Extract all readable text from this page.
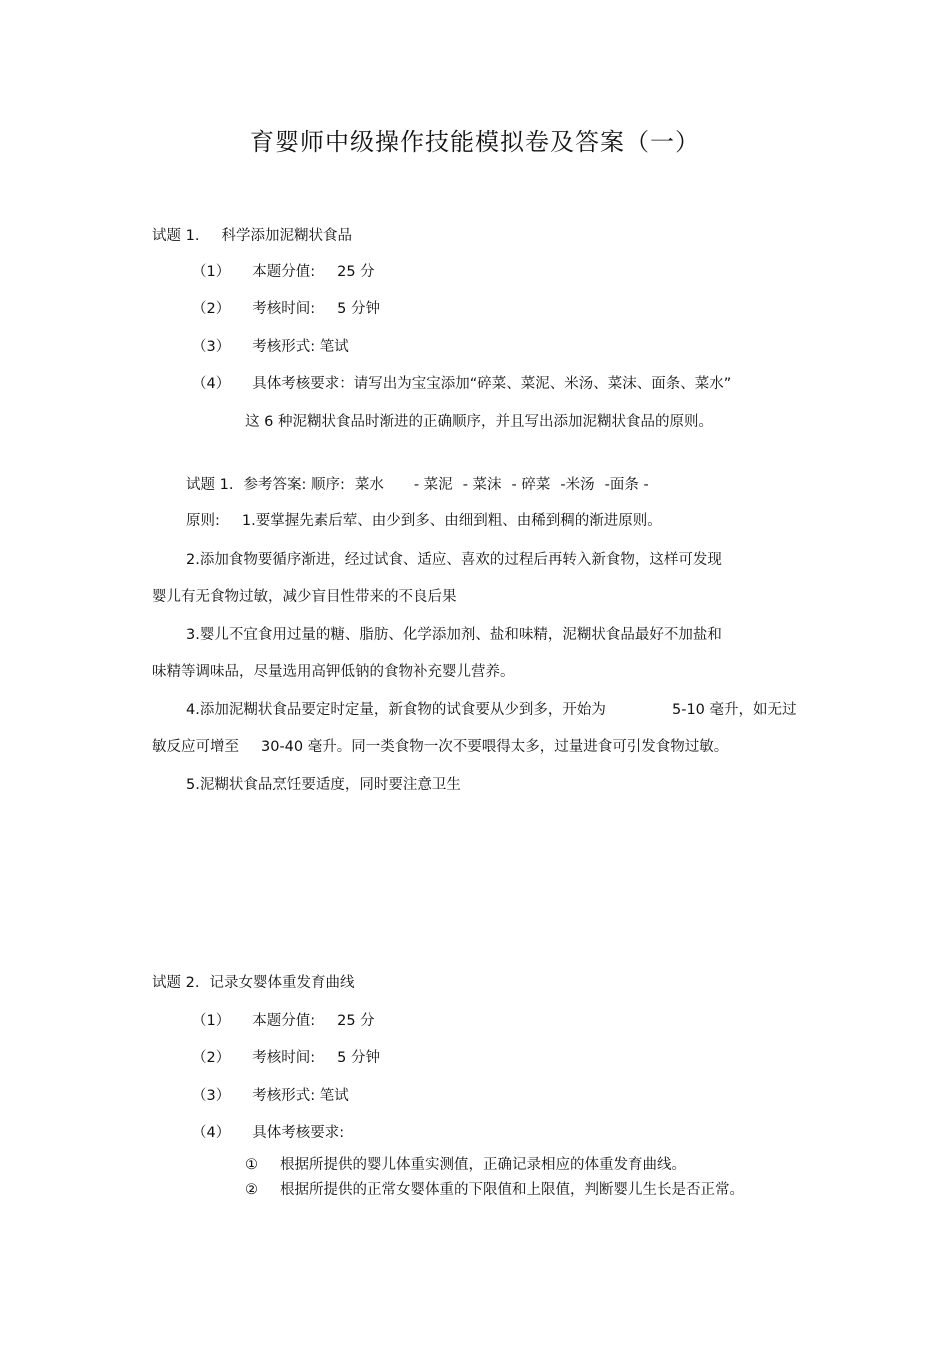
育婴师中级操作技能模拟卷及答案（一）
试题 1. 科学添加泥糊状食品
（1） 本题分值: 25 分
（2） 考核时间: 5 分钟
（3） 考核形式: 笔试
（4） 具体考核要求：请写出为宝宝添加“碎菜、菜泥、米汤、菜沫、面条、菜水”
这 6 种泥糊状食品时渐进的正确顺序，并且写出添加泥糊状食品的原则。
试题 1. 参考答案: 顺序: 菜水 - 菜泥 - 菜沫 - 碎菜 -米汤 -面条 -
原则: 1.要掌握先素后荤、由少到多、由细到粗、由稀到稠的渐进原则。
2.添加食物要循序渐进，经过试食、适应、喜欢的过程后再转入新食物，这样可发现
婴儿有无食物过敏，减少盲目性带来的不良后果
3.婴儿不宜食用过量的糖、脂肪、化学添加剂、盐和味精，泥糊状食品最好不加盐和
味精等调味品，尽量选用高钾低钠的食物补充婴儿营养。
4.添加泥糊状食品要定时定量，新食物的试食要从少到多，开始为	5-10 毫升，如无过
敏反应可增至 30-40 毫升。同一类食物一次不要喂得太多，过量进食可引发食物过敏。
5.泥糊状食品烹饪要适度，同时要注意卫生
试题 2. 记录女婴体重发育曲线
（1） 本题分值: 25 分
（2） 考核时间: 5 分钟
（3） 考核形式: 笔试
（4） 具体考核要求:
① 根据所提供的婴儿体重实测值，正确记录相应的体重发育曲线。
② 根据所提供的正常女婴体重的下限值和上限值，判断婴儿生长是否正常。
